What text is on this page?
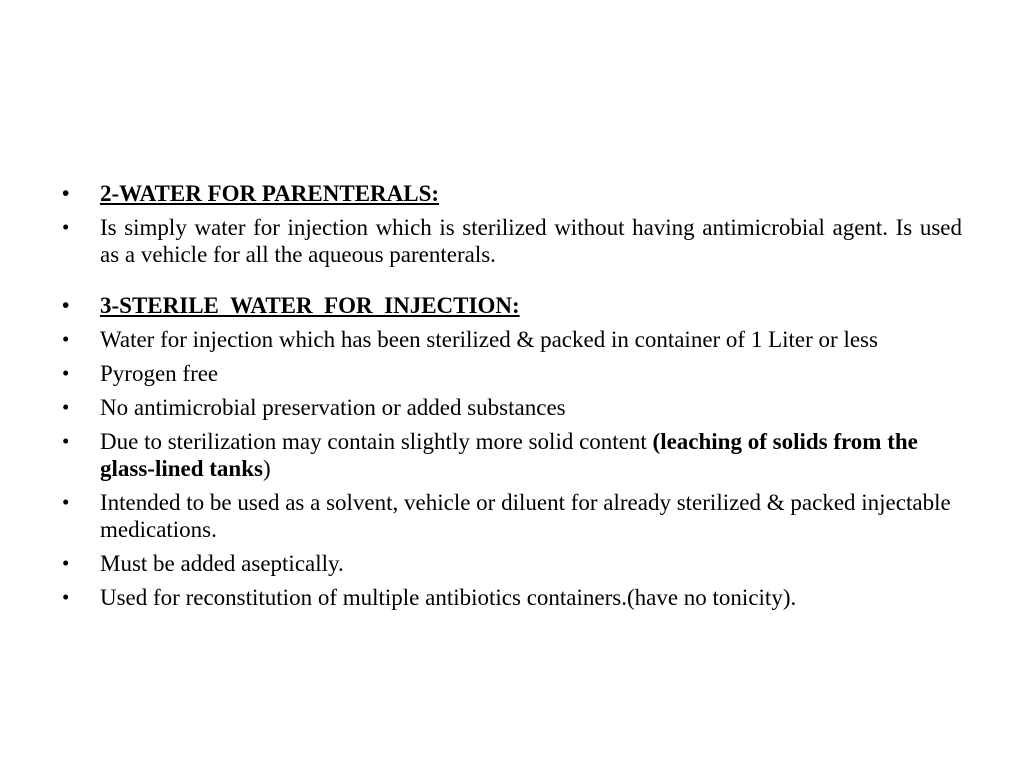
• 2-WATER FOR PARENTERALS:
• Is simply water for injection which is sterilized without having antimicrobial agent. Is used as a vehicle for all the aqueous parenterals.
• 3-STERILE  WATER  FOR  INJECTION:
• Water for injection which has been sterilized & packed in container of 1 Liter or less
• Pyrogen free
• No antimicrobial preservation or added substances
• Due to sterilization may contain slightly more solid content (leaching of solids from the glass-lined tanks)
• Intended to be used as a solvent, vehicle or diluent for already sterilized & packed injectable medications.
• Must be added aseptically.
• Used for reconstitution of multiple antibiotics containers.(have no tonicity).
